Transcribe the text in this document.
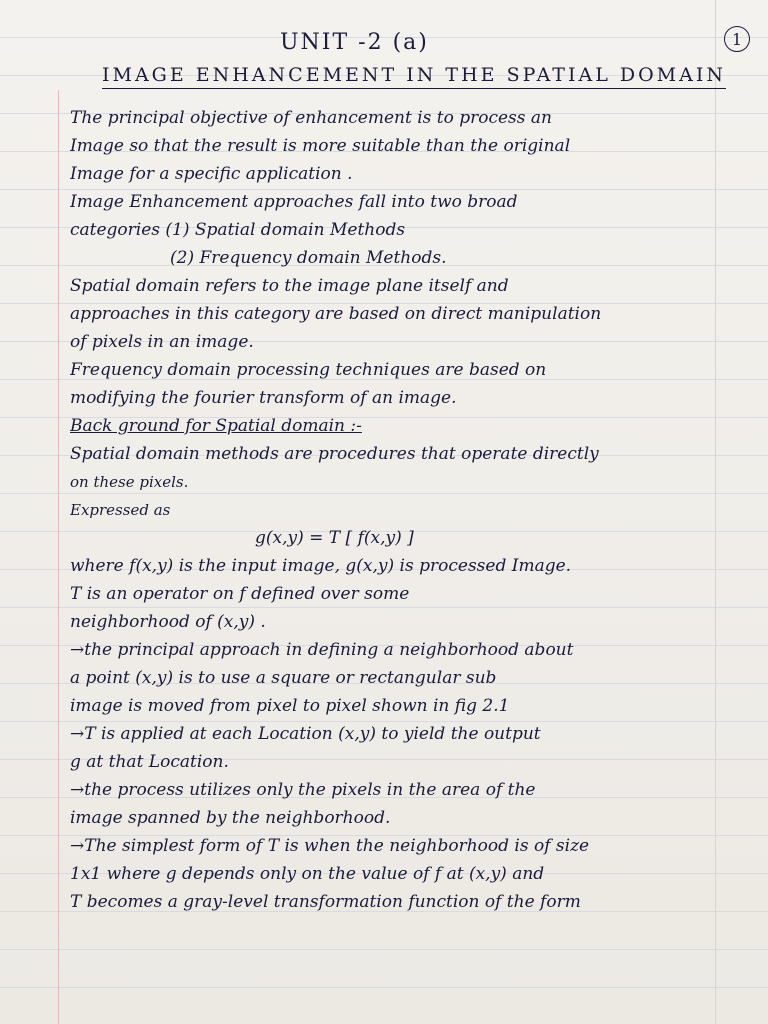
UNIT -2 (a)	1
IMAGE ENHANCEMENT IN THE SPATIAL DOMAIN
The principal objective of enhancement is to process an
Image so that the result is more suitable than the original
Image for a specific application .
Image Enhancement approaches fall into two broad
categories (1) Spatial domain Methods
(2) Frequency domain Methods.
Spatial domain refers to the image plane itself and
approaches in this category are based on direct manipulation
of pixels in an image.
Frequency domain processing techniques are based on
modifying the fourier transform of an image.
Back ground for Spatial domain :-
Spatial domain methods are procedures that operate directly
on these pixels.
Expressed as
g(x,y) = T [ f(x,y) ]
where f(x,y) is the input image, g(x,y) is processed Image.
T is an operator on f defined over some
neighborhood of (x,y) .
→the principal approach in defining a neighborhood about
a point (x,y) is to use a square or rectangular sub
image is moved from pixel to pixel shown in fig 2.1
→T is applied at each Location (x,y) to yield the output
g at that Location.
→the process utilizes only the pixels in the area of the
image spanned by the neighborhood.
→The simplest form of T is when the neighborhood is of size
1x1 where g depends only on the value of f at (x,y) and
T becomes a gray-level transformation function of the form
